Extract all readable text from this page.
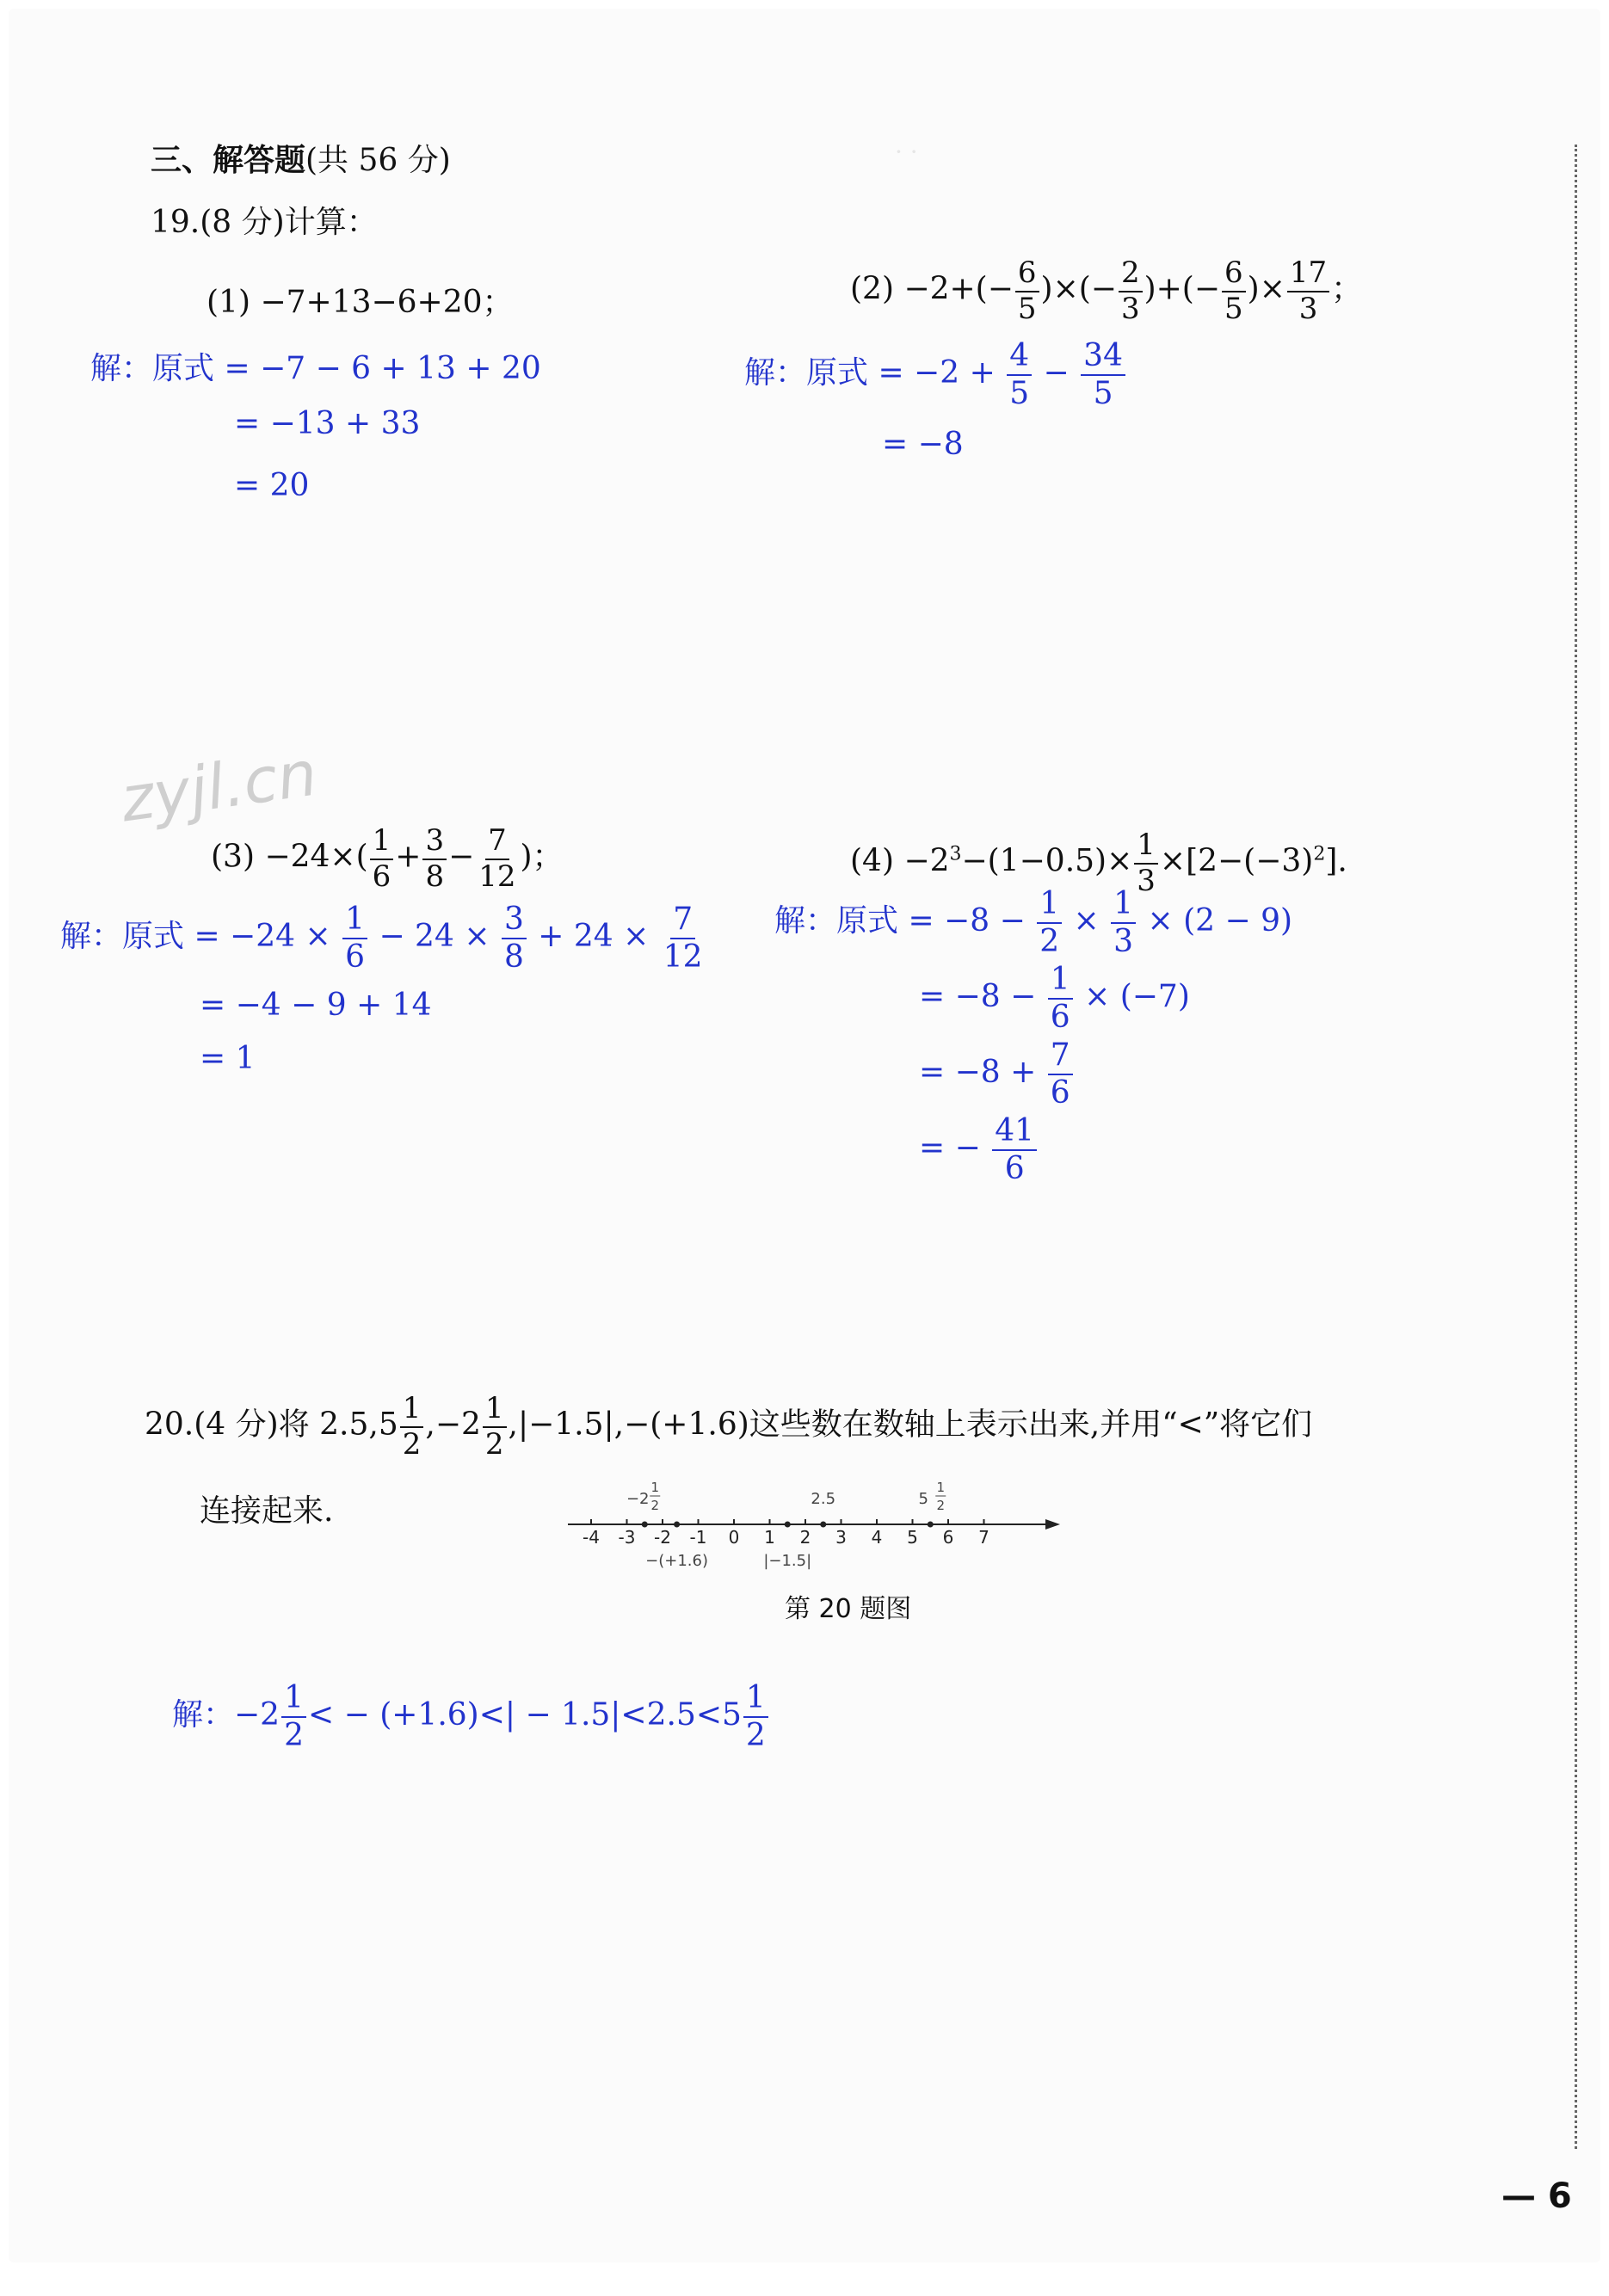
· ·
三、解答题(共 56 分)
19.(8 分)计算：
(1) −7+13−6+20；
解：原式 = −7 − 6 + 13 + 20
= −13 + 33
= 20
$(2) -2+(- \frac{6}{5}$ )×(− $\frac{2}{3}$ )+(− $\frac{6}{5}$ )× $\frac{17}{3}$ ；
解：原式 = $-2 + \frac{4}{5} - \frac{34}{5}$
= −8
zyjl.cn
$(3) -24\times( \frac{1}{6} + \frac{3}{8} - \frac{7}{12}$ )；
解：原式 = $-24 \times \frac{1}{6} - 24 \times \frac{3}{8} + 24 \times \frac{7}{12}$
= −4 − 9 + 14
= 1
$(4) -2^3-(1-0.5)\times \frac{1}{3} \times[2-(-3)^2]$.
解：原式 = $-8 - \frac{1}{2} \times \frac{1}{3} \times (2 - 9)$
= $-8 - \frac{1}{6} \times (-7)$
= $-8 + \frac{7}{6}$
= − $\frac{41}{6}$
20.(4 分)将 $2.5,5 \frac{1}{2} ,-2 \frac{1}{2} ,|-1.5|,-(+1.6)$这些数在数轴上表示出来,并用“<”将它们
连接起来.
-4 -3 -2 -1 0 1 2 3 4 5 6 7
−2
1
2
−(+1.6)	|−1.5|
2.5	5
1
2
第 20 题图
解：$-2 \frac{1}{2}$ < − $(+1.6)<| - 1.5|<2.5<5 \frac{1}{2}$
— 6
